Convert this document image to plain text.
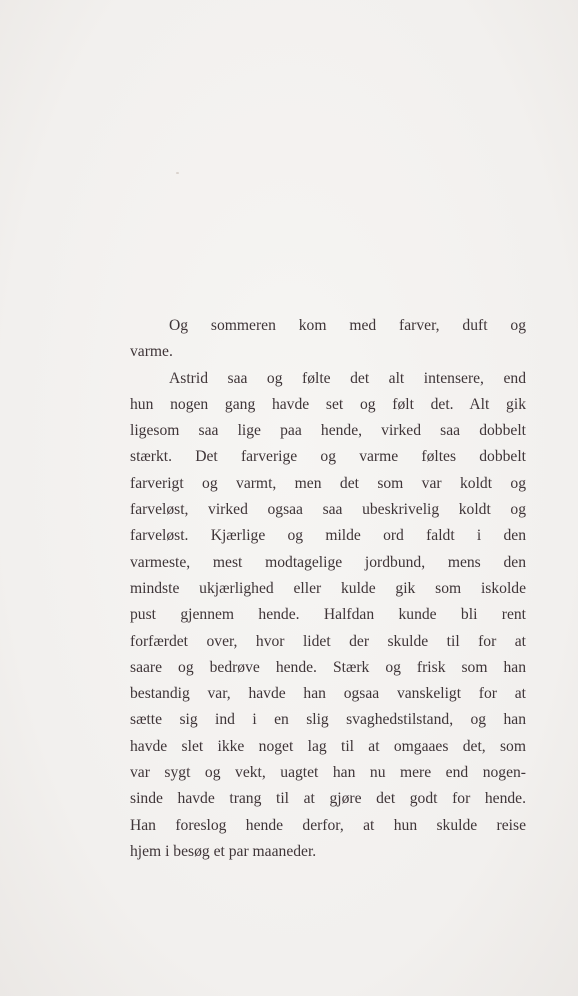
Og sommeren kom med farver, duft og
varme.
Astrid saa og følte det alt intensere, end
hun nogen gang havde set og følt det. Alt gik
ligesom saa lige paa hende, virked saa dobbelt
stærkt. Det farverige og varme føltes dobbelt
farverigt og varmt, men det som var koldt og
farveløst, virked ogsaa saa ubeskrivelig koldt og
farveløst. Kjærlige og milde ord faldt i den
varmeste, mest modtagelige jordbund, mens den
mindste ukjærlighed eller kulde gik som iskolde
pust gjennem hende. Halfdan kunde bli rent
forfærdet over, hvor lidet der skulde til for at
saare og bedrøve hende. Stærk og frisk som han
bestandig var, havde han ogsaa vanskeligt for at
sætte sig ind i en slig svaghedstilstand, og han
havde slet ikke noget lag til at omgaaes det, som
var sygt og vekt, uagtet han nu mere end nogen-
sinde havde trang til at gjøre det godt for hende.
Han foreslog hende derfor, at hun skulde reise
hjem i besøg et par maaneder.
